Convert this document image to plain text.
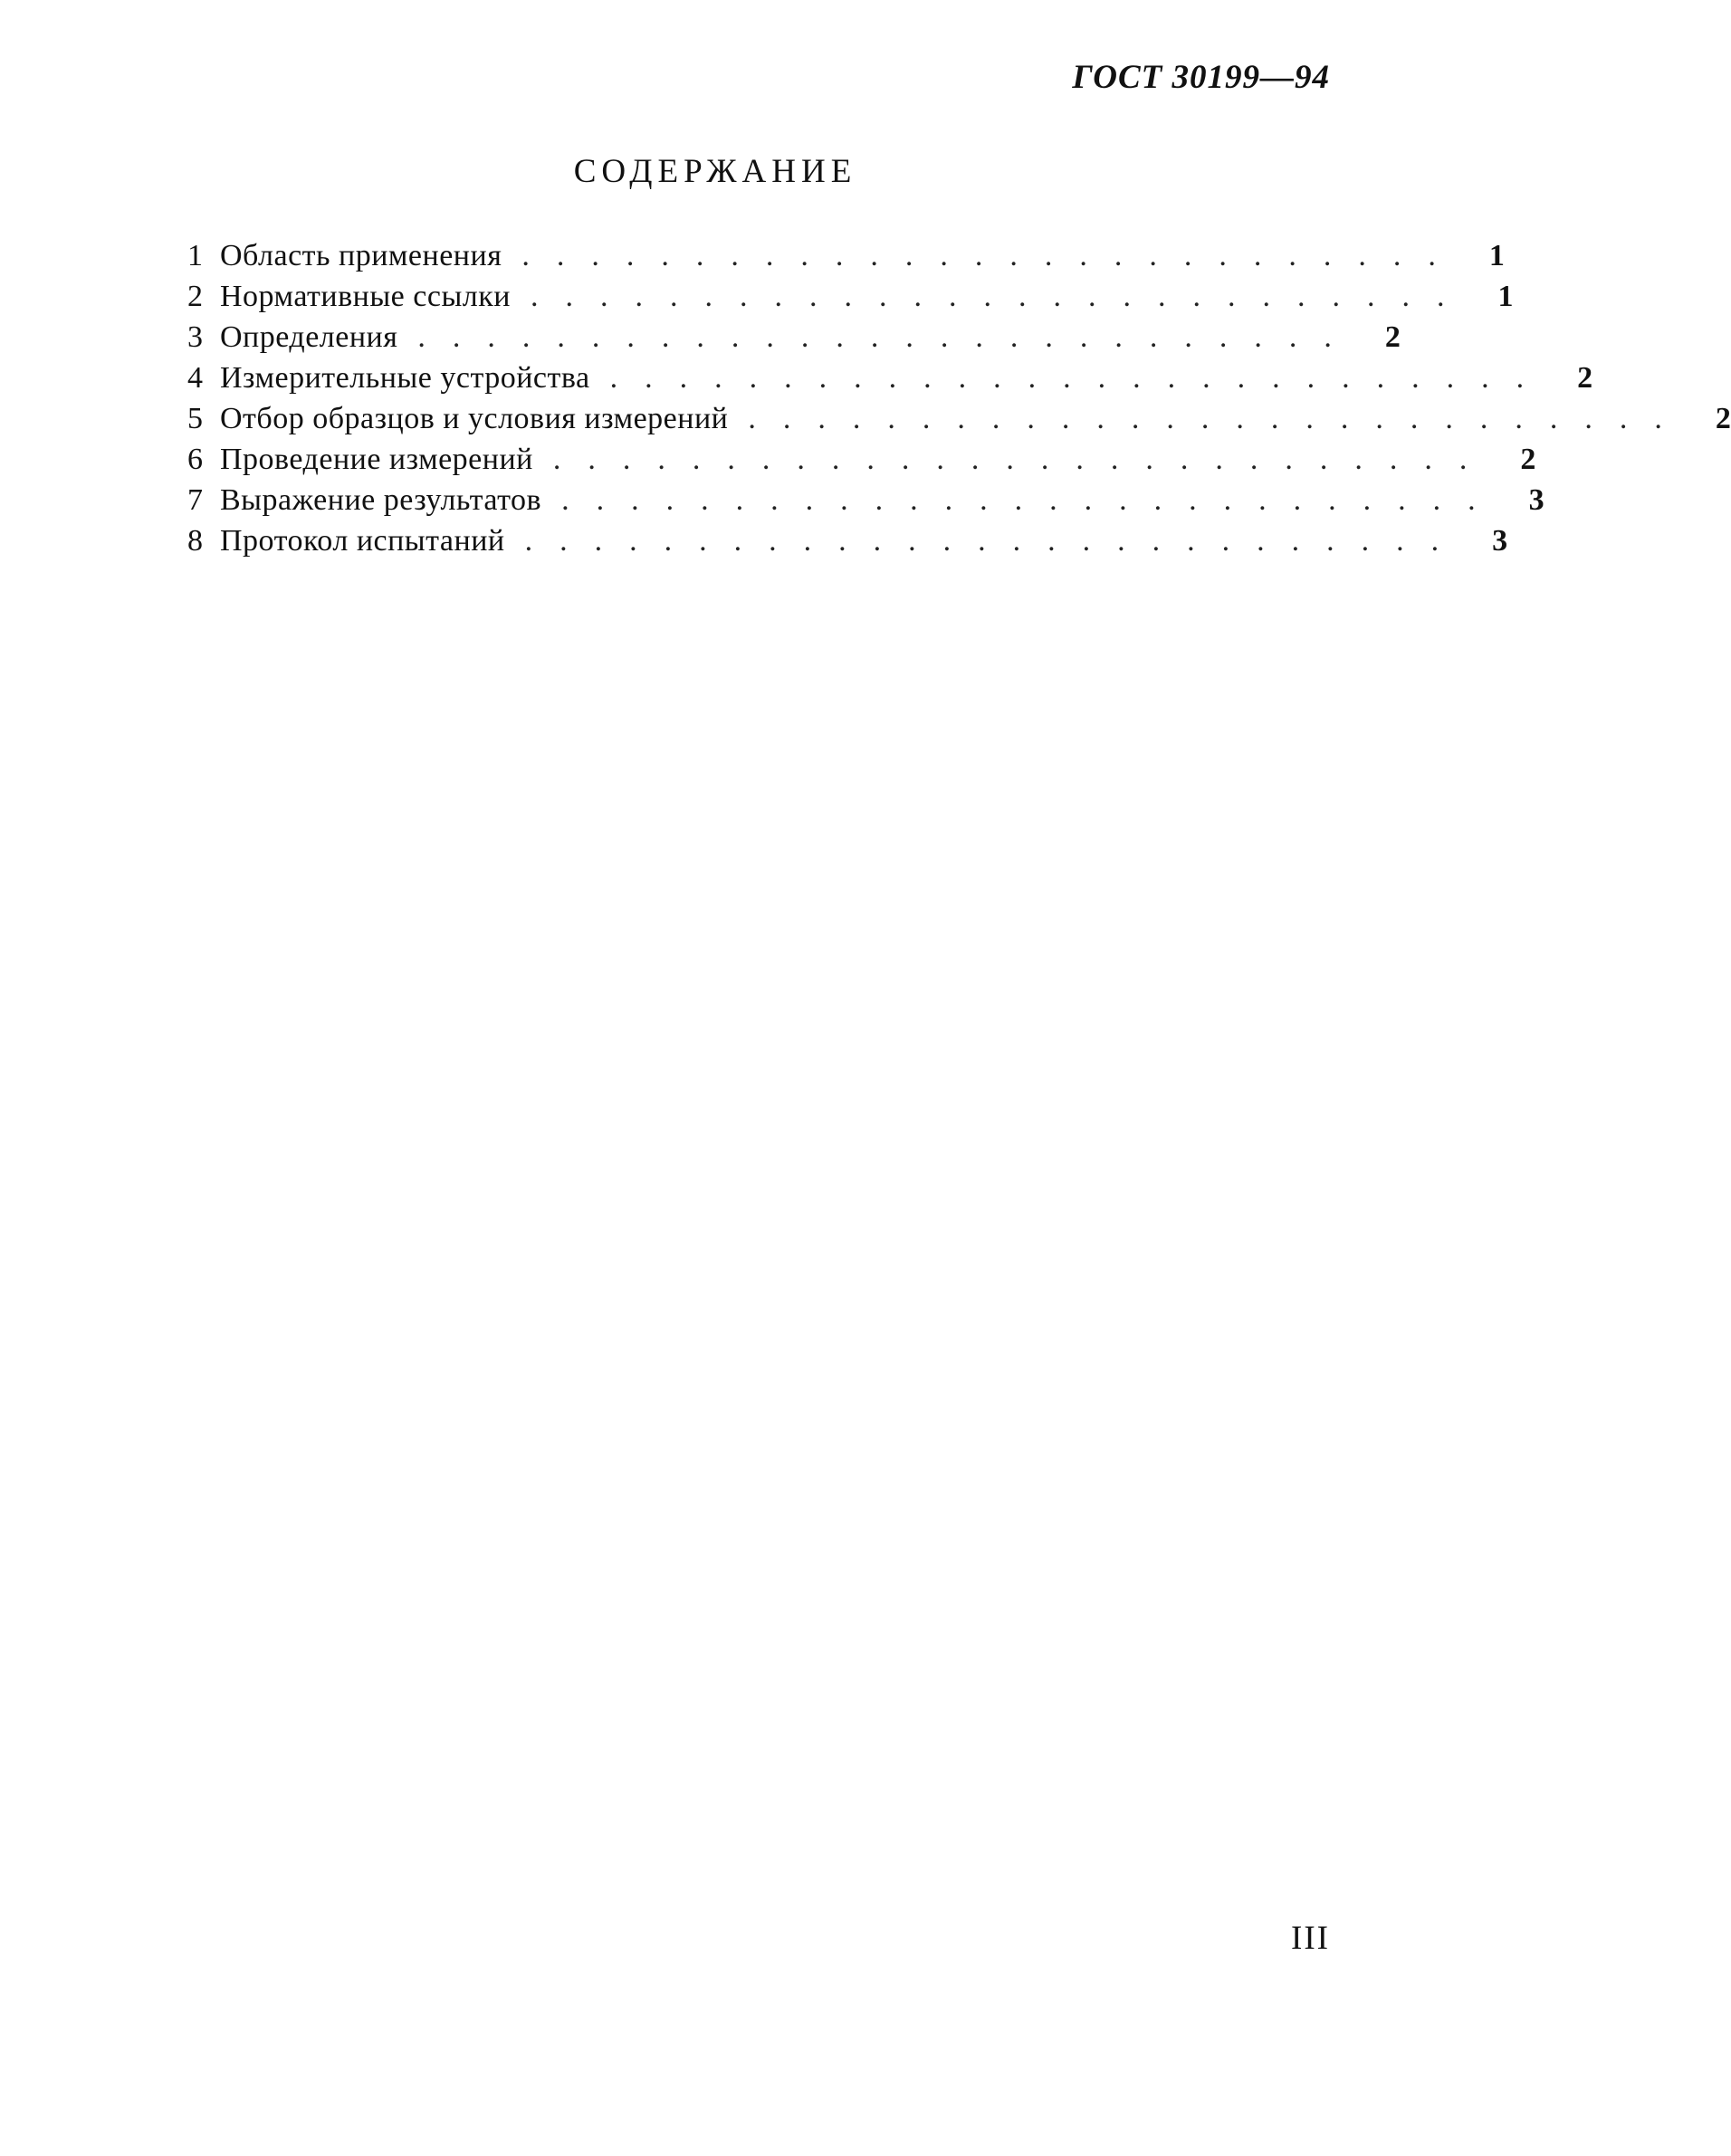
ГОСТ 30199—94
СОДЕРЖАНИЕ
1 Область применения ........................... 1
2 Нормативные ссылки ........................... 1
3 Определения ........................... 2
4 Измерительные устройства ........................... 2
5 Отбор образцов и условия измерений ........................... 2
6 Проведение измерений ........................... 2
7 Выражение результатов ........................... 3
8 Протокол испытаний ........................... 3
III
